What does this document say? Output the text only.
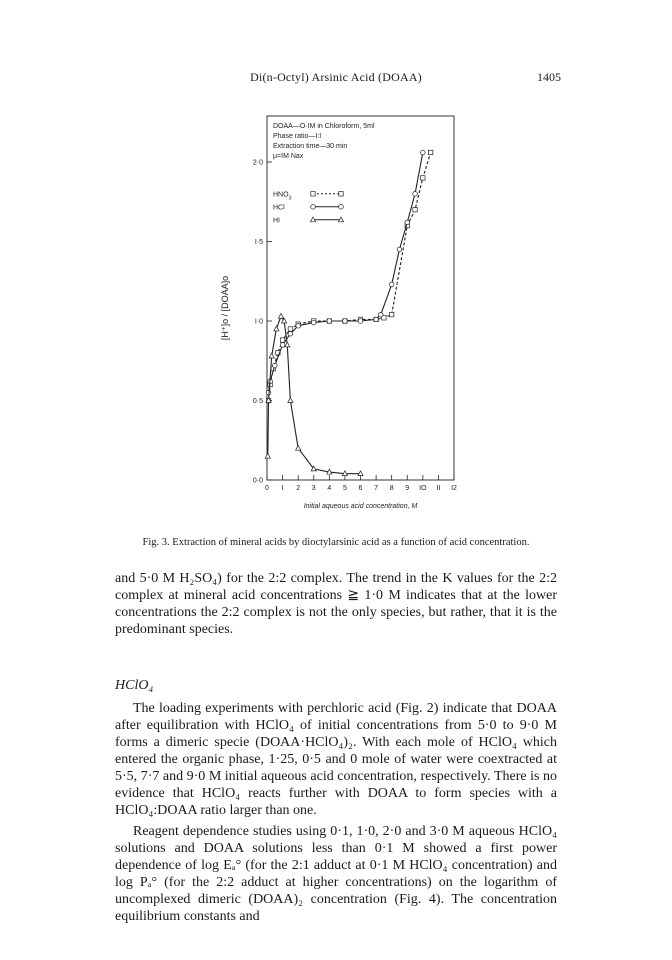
Di(n-Octyl) Arsinic Acid (DOAA)	1405
0 I 2 3 4 5 6 7 8 9 IO II I2
0·0
0·5
I·0
I·5
2·0
Initial aqueous acid concentration, M
[H⁺]o / [DOAA]o
DOAA—O·IM in Chloroform, 5ml
Phase ratio—I:I
Extraction time—30 min
μ=IM Nax
$HNO_3$
HCl
HI
Fig. 3. Extraction of mineral acids by dioctylarsinic acid as a function of acid concentration.

and 5·0 M H₂SO₄) for the 2:2 complex. The trend in the K values for the 2:2 complex at mineral acid concentrations ≧ 1·0 M indicates that at the lower concentrations the 2:2 complex is not the only species, but rather, that it is the predominant species.

HClO₄

The loading experiments with perchloric acid (Fig. 2) indicate that DOAA after equilibration with HClO₄ of initial concentrations from 5·0 to 9·0 M forms a dimeric specie (DOAA·HClO₄)₂. With each mole of HClO₄ which entered the organic phase, 1·25, 0·5 and 0 mole of water were coextracted at 5·5, 7·7 and 9·0 M initial aqueous acid concentration, respectively. There is no evidence that HClO₄ reacts further with DOAA to form species with a HClO₄:DOAA ratio larger than one.

Reagent dependence studies using 0·1, 1·0, 2·0 and 3·0 M aqueous HClO₄ solutions and DOAA solutions less than 0·1 M showed a first power dependence of log Eₐ° (for the 2:1 adduct at 0·1 M HClO₄ concentration) and log Pₐ° (for the 2:2 adduct at higher concentrations) on the logarithm of uncomplexed dimeric (DOAA)₂ concentration (Fig. 4). The concentration equilibrium constants and
